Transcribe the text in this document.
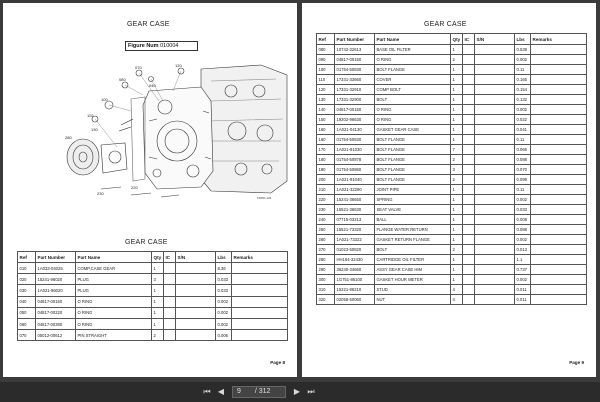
GEAR CASE
Figure Num 010004
070
040
080
100
110
120
130
280
220
230
15850-106
GEAR CASE
Ref	Part Number	Part Name	Qty	IC	S/N	Lbs	Remarks
010	1A033-04025	COMP,CASE GEAR	1			8.36	
020	15241-96020	PLUG	3			0.033	
030	1A021-96020	PLUG	1			0.033	
040	04817-00150	O RING	1			0.002	
050	04817-00220	O RING	1			0.002	
060	04817-00380	O RING	1			0.002	
070	05012-00612	PIN STRAIGHT	2			0.006	
Page 8
GEAR CASE
Ref	Part Number	Part Name	Qty	IC	S/N	Lbs	Remarks
080	10742-32613	BASE OIL FILTER	1			0.539	
090	04817-00150	O RING	2			0.002	
100	01754-50830	BOLT FLANGE	1			0.11	
110	17331-33660	COVER	1			0.165	
120	17331-32910	COMP BOLT	1			0.154	
130	17331-32900	BOLT	1			0.132	
140	04817-00150	O RING	1			0.002	
150	19202-96630	O RING	1			0.022	
160	1A021-04130	GASKET GEAR CASE	1			0.041	
160	01754-50830	BOLT FLANGE	1			0.11	
170	1A021-91030	BOLT FLANGE	7			0.066	
180	01754-50878	BOLT FLANGE	2			0.088	
190	01754-50860	BOLT FLANGE	3			0.070	
200	1A021-91040	BOLT FLANGE	2			0.099	
210	1A021-32290	JOINT PIPE	1			0.11	
220	15241-36650	SPRING	1			0.002	
230	15521-36630	SEAT VALVE	1			0.033	
240	07715-03213	BALL	1			0.008	
250	15521-73320	FLANGE WATER RETURN	1			0.088	
260	1A021-73322	GASKET RETURN FLANGE	1			0.002	
270	01023-50820	BOLT	2			0.013	
280	HH164-32430	CARTRIDGE OIL FILTER	1			1.1	
290	36240-34660	ASSY GEAR CASE HIM	1			0.737	
300	1G751-86100	GASKET HOUR METER	1			0.002	
310	15221-86210	STUD	4			0.011	
320	02058-50060	NUT	4			0.011	
Page 9
⏮ ◀	9 / 312	▶ ⏭
